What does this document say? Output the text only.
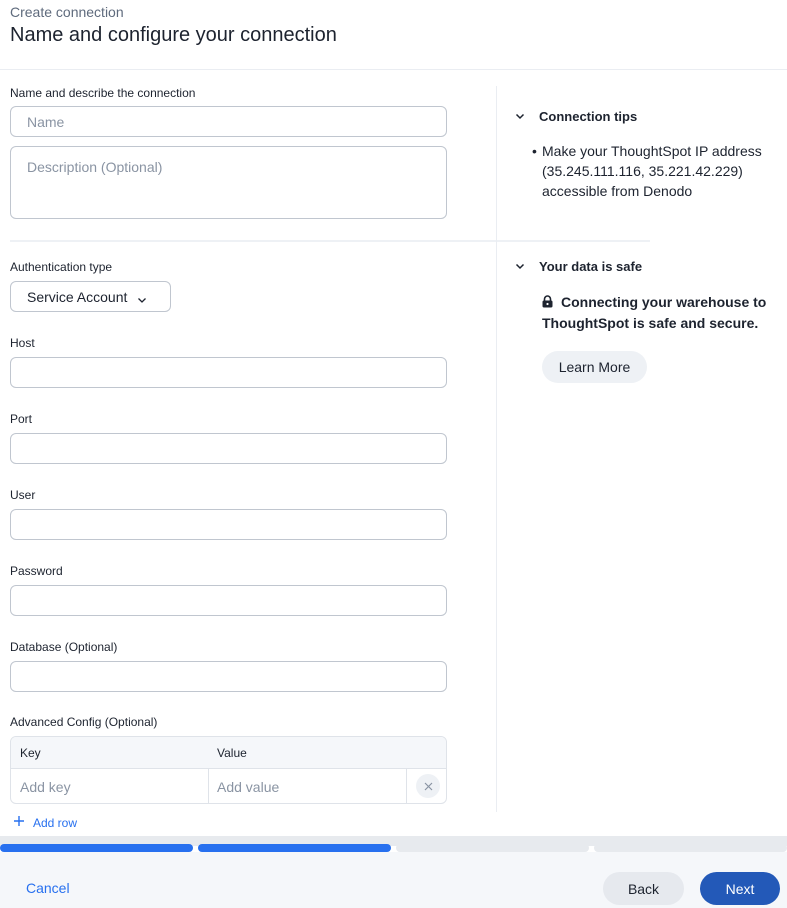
Create connection
Name and configure your connection
Name and describe the connection
Name
Description (Optional)
Authentication type
Service Account
Host
Port
User
Password
Database (Optional)
Advanced Config (Optional)
Key	Value
Add key	Add value
Add row
Connection tips
• Make your ThoughtSpot IP address (35.245.111.116, 35.221.42.229) accessible from Denodo
Your data is safe
Connecting your warehouse to ThoughtSpot is safe and secure.
Learn More
Cancel	Back	Next
